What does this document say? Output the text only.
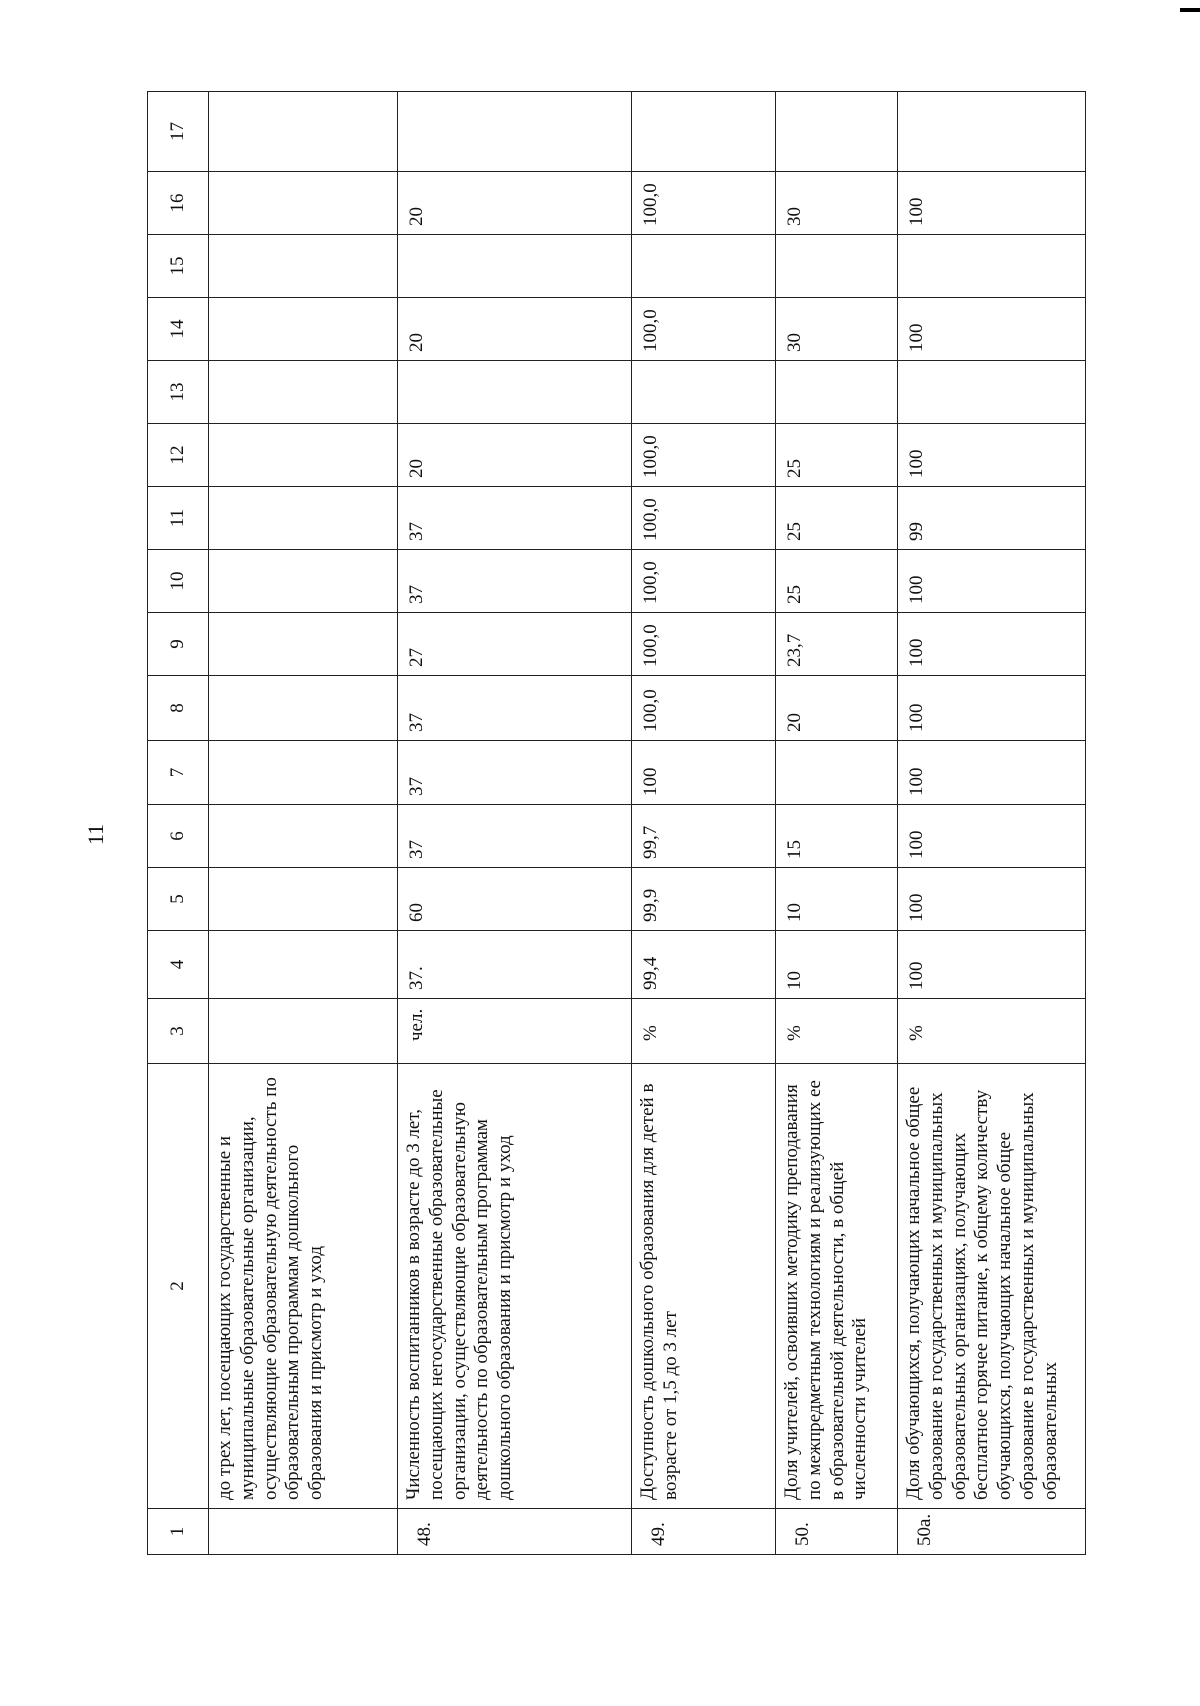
11
1	2	3	4	5	6	7	8	9	10	11	12	13	14	15	16	17
	до трех лет, посещающих государственные и муниципальные образовательные организации, осуществляющие образовательную деятельность по образовательным программам дошкольного образования и присмотр и уход															
48.	Численность воспитанников в возрасте до 3 лет, посещающих негосударственные образовательные организации, осуществляющие образовательную деятельность по образовательным программам дошкольного образования и присмотр и уход	чел.	37.	60	37	37	37	27	37	37	20		20		20	
49.	Доступность дошкольного образования для детей в возрасте от 1,5 до 3 лет	%	99,4	99,9	99,7	100	100,0	100,0	100,0	100,0	100,0		100,0		100,0	
50.	Доля учителей, освоивших методику преподавания по межпредметным технологиям и реализующих ее в образовательной деятельности, в общей численности учителей	%	10	10	15		20	23,7	25	25	25		30		30	
50а.	Доля обучающихся, получающих начальное общее образование в государственных и муниципальных образовательных организациях, получающих бесплатное горячее питание, к общему количеству обучающихся, получающих начальное общее образование в государственных и муниципальных образовательных	%	100	100	100	100	100	100	100	99	100		100		100	
